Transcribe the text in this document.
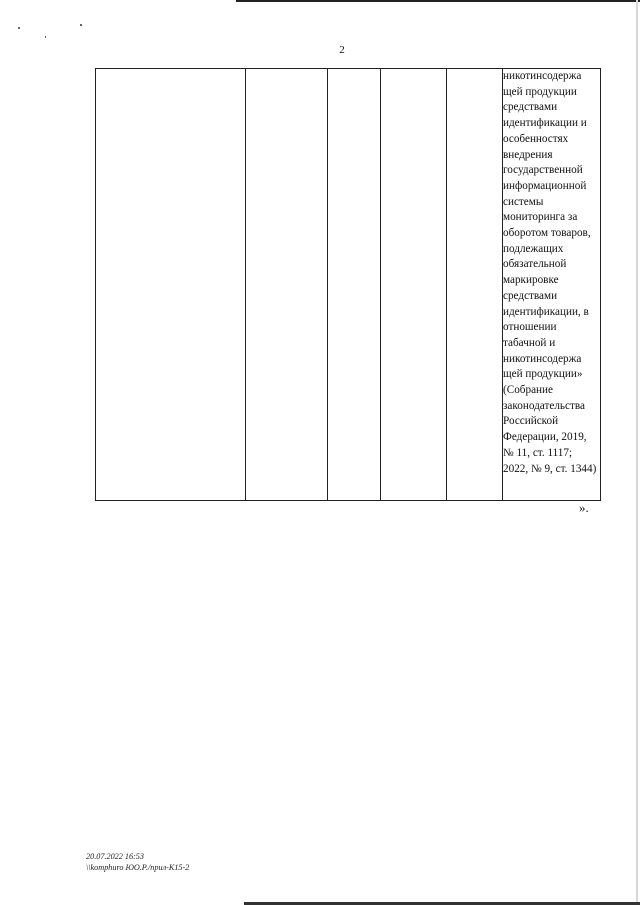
2
					никотинсодержа щей продукции средствами идентификации и особенностях внедрения государственной информационной системы мониторинга за оборотом товаров, подлежащих обязательной маркировке средствами идентификации, в отношении табачной и никотинсодержа щей продукции» (Собрание законодательства Российской Федерации, 2019, № 11, ст. 1117; 2022, № 9, ст. 1344)
».
20.07.2022 16:53
\\komphuro ЮО.Р./прил-К15-2
